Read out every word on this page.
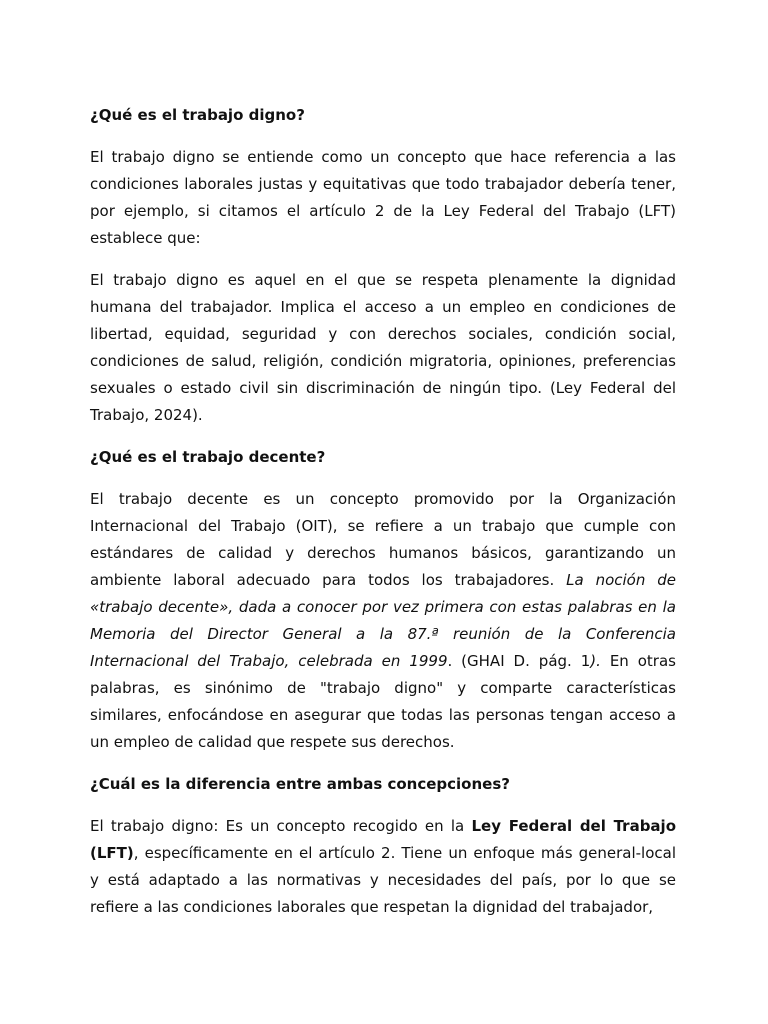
¿Qué es el trabajo digno?

El trabajo digno se entiende como un concepto que hace referencia a las condiciones laborales justas y equitativas que todo trabajador debería tener, por ejemplo, si citamos el artículo 2 de la Ley Federal del Trabajo (LFT) establece que:

El trabajo digno es aquel en el que se respeta plenamente la dignidad humana del trabajador. Implica el acceso a un empleo en condiciones de libertad, equidad, seguridad y con derechos sociales, condición social, condiciones de salud, religión, condición migratoria, opiniones, preferencias sexuales o estado civil sin discriminación de ningún tipo. (Ley Federal del Trabajo, 2024).

¿Qué es el trabajo decente?

El trabajo decente es un concepto promovido por la Organización Internacional del Trabajo (OIT), se refiere a un trabajo que cumple con estándares de calidad y derechos humanos básicos, garantizando un ambiente laboral adecuado para todos los trabajadores. La noción de «trabajo decente», dada a conocer por vez primera con estas palabras en la Memoria del Director General a la 87.ª reunión de la Conferencia Internacional del Trabajo, celebrada en 1999. (GHAI D. pág. 1). En otras palabras, es sinónimo de "trabajo digno" y comparte características similares, enfocándose en asegurar que todas las personas tengan acceso a un empleo de calidad que respete sus derechos.

¿Cuál es la diferencia entre ambas concepciones?

El trabajo digno: Es un concepto recogido en la Ley Federal del Trabajo (LFT), específicamente en el artículo 2. Tiene un enfoque más general-local y está adaptado a las normativas y necesidades del país, por lo que se refiere a las condiciones laborales que respetan la dignidad del trabajador,
